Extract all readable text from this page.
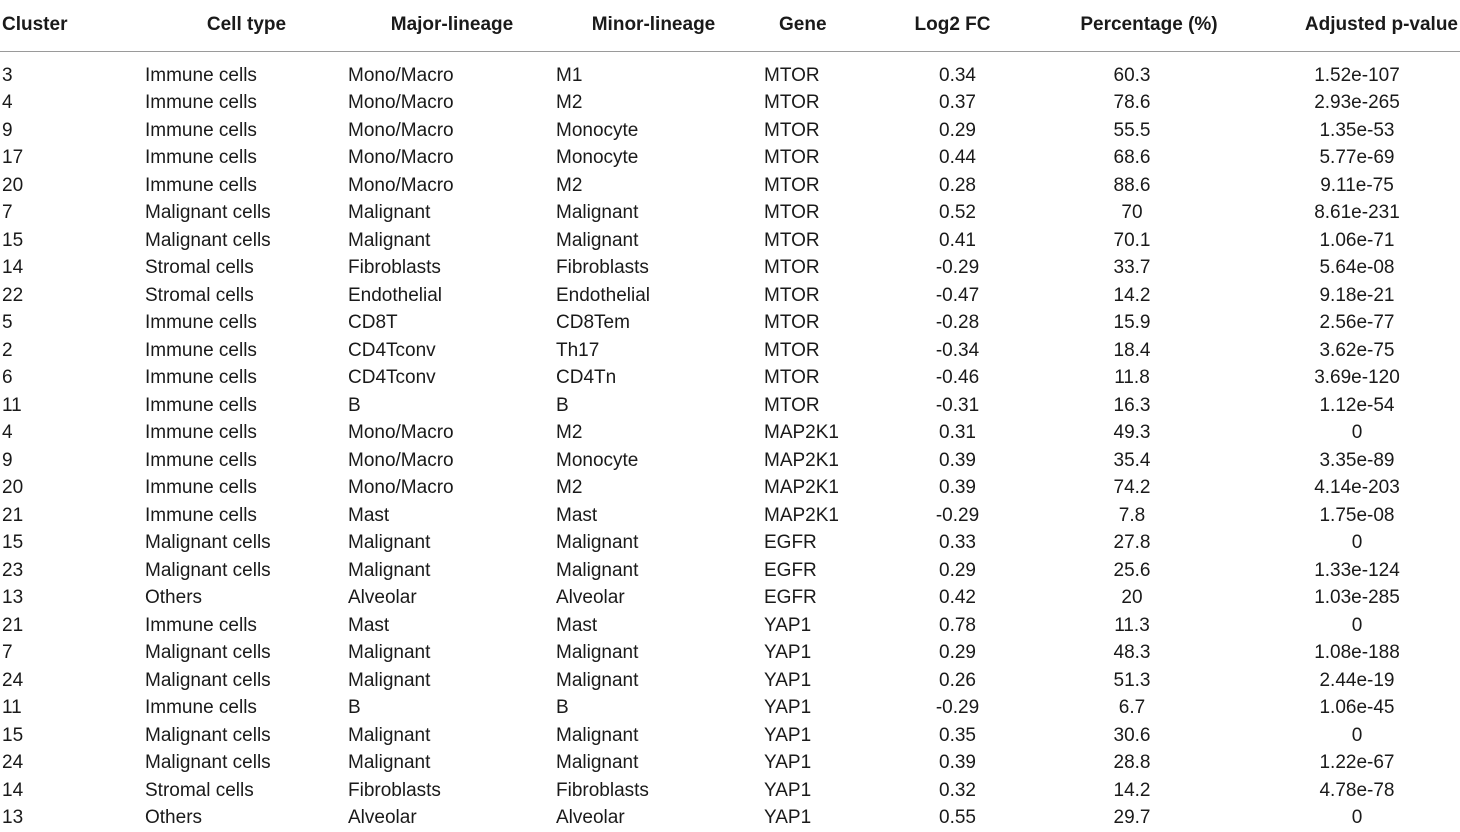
Cluster	Cell type	Major-lineage	Minor-lineage	Gene	Log2 FC	Percentage (%)	Adjusted p-value
3	Immune cells	Mono/Macro	M1	MTOR	0.34	60.3	1.52e-107
4	Immune cells	Mono/Macro	M2	MTOR	0.37	78.6	2.93e-265
9	Immune cells	Mono/Macro	Monocyte	MTOR	0.29	55.5	1.35e-53
17	Immune cells	Mono/Macro	Monocyte	MTOR	0.44	68.6	5.77e-69
20	Immune cells	Mono/Macro	M2	MTOR	0.28	88.6	9.11e-75
7	Malignant cells	Malignant	Malignant	MTOR	0.52	70	8.61e-231
15	Malignant cells	Malignant	Malignant	MTOR	0.41	70.1	1.06e-71
14	Stromal cells	Fibroblasts	Fibroblasts	MTOR	-0.29	33.7	5.64e-08
22	Stromal cells	Endothelial	Endothelial	MTOR	-0.47	14.2	9.18e-21
5	Immune cells	CD8T	CD8Tem	MTOR	-0.28	15.9	2.56e-77
2	Immune cells	CD4Tconv	Th17	MTOR	-0.34	18.4	3.62e-75
6	Immune cells	CD4Tconv	CD4Tn	MTOR	-0.46	11.8	3.69e-120
11	Immune cells	B	B	MTOR	-0.31	16.3	1.12e-54
4	Immune cells	Mono/Macro	M2	MAP2K1	0.31	49.3	0
9	Immune cells	Mono/Macro	Monocyte	MAP2K1	0.39	35.4	3.35e-89
20	Immune cells	Mono/Macro	M2	MAP2K1	0.39	74.2	4.14e-203
21	Immune cells	Mast	Mast	MAP2K1	-0.29	7.8	1.75e-08
15	Malignant cells	Malignant	Malignant	EGFR	0.33	27.8	0
23	Malignant cells	Malignant	Malignant	EGFR	0.29	25.6	1.33e-124
13	Others	Alveolar	Alveolar	EGFR	0.42	20	1.03e-285
21	Immune cells	Mast	Mast	YAP1	0.78	11.3	0
7	Malignant cells	Malignant	Malignant	YAP1	0.29	48.3	1.08e-188
24	Malignant cells	Malignant	Malignant	YAP1	0.26	51.3	2.44e-19
11	Immune cells	B	B	YAP1	-0.29	6.7	1.06e-45
15	Malignant cells	Malignant	Malignant	YAP1	0.35	30.6	0
24	Malignant cells	Malignant	Malignant	YAP1	0.39	28.8	1.22e-67
14	Stromal cells	Fibroblasts	Fibroblasts	YAP1	0.32	14.2	4.78e-78
13	Others	Alveolar	Alveolar	YAP1	0.55	29.7	0
